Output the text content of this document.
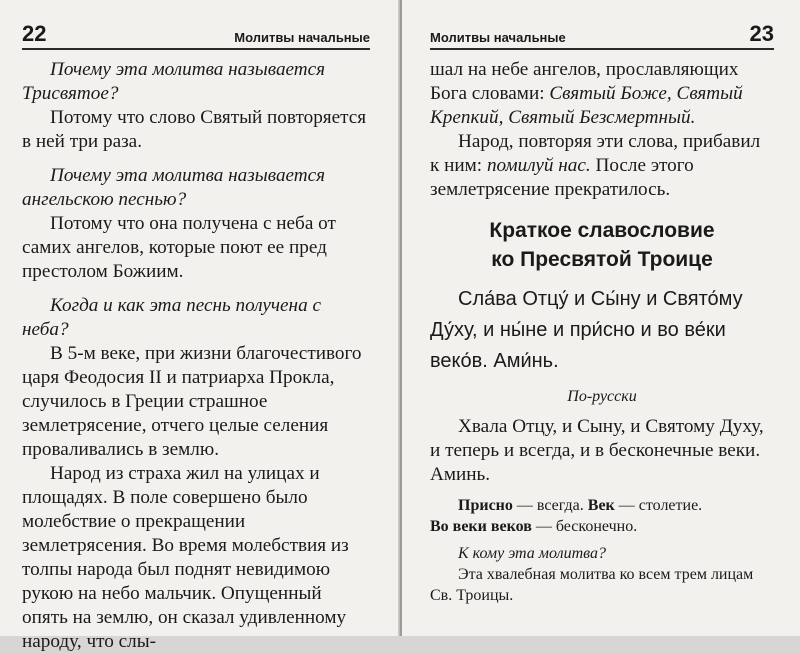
22	Молитвы начальные

Почему эта молитва называется Трисвятое?

Потому что слово Святый повторяется в ней три раза.

Почему эта молитва называется ангельскою песнью?

Потому что она получена с неба от самих ангелов, которые поют ее пред престолом Божиим.

Когда и как эта песнь получена с неба?

В 5-м веке, при жизни благочестивого царя Феодосия II и патриарха Прокла, случилось в Греции страшное землетрясение, отчего целые селения проваливались в землю.

Народ из страха жил на улицах и площадях. В поле совершено было молебствие о прекращении землетрясения. Во время молебствия из толпы народа был поднят невидимою рукою на небо мальчик. Опущенный опять на землю, он сказал удивленному народу, что слы-

Молитвы начальные	23

шал на небе ангелов, прославляющих Бога словами: Святый Боже, Святый Крепкий, Святый Безсмертный.

Народ, повторяя эти слова, прибавил к ним: помилуй нас. После этого землетрясение прекратилось.

Краткое славословие
ко Пресвятой Троице

Сла́ва Отцу́ и Сы́ну и Свято́му Ду́ху, и ны́не и при́сно и во ве́ки веко́в. Ами́нь.

По-русски

Хвала Отцу, и Сыну, и Святому Духу, и теперь и всегда, и в бесконечные веки. Аминь.

Присно — всегда. Век — столетие.
Во веки веков — бесконечно.

К кому эта молитва?

Эта хвалебная молитва ко всем трем лицам Св. Троицы.
